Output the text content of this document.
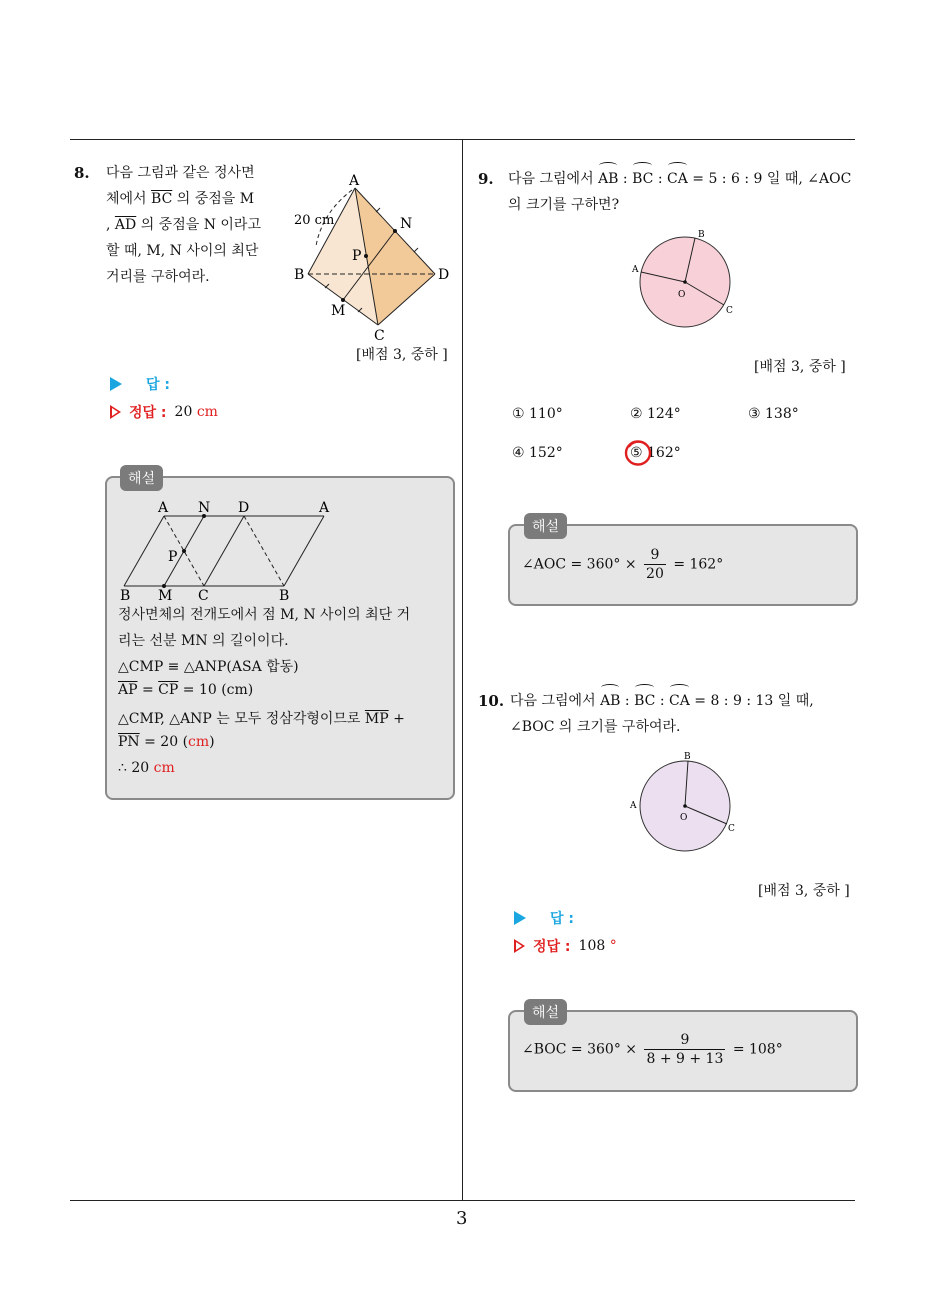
8. 다음 그림과 같은 정사면
체에서 $\overline{BC}$ 의 중점을 M
, $\overline{AD}$ 의 중점을 N 이라고
할 때, M, N 사이의 최단
거리를 구하여라.
A
B	D
C
N
M
P
20 cm
[배점 3, 중하 ]
답 :
정답 : 20 cm
해설
A N D	A
P
B M C	B
정사면체의 전개도에서 점 M, N 사이의 최단 거
리는 선분 MN 의 길이이다.
△CMP ≡ △ANP(ASA 합동)
$\overline{AP} = \overline{CP} = 10$ (cm)
△CMP, △ANP 는 모두 정삼각형이므로 $\overline{MP}$ +
$\overline{PN} = 20$ (cm)
∴ 20 cm
9. 다음 그림에서 AB : BC : CA = 5 : 6 : 9 일 때, ∠AOC
의 크기를 구하면?
A
B
C
O
[배점 3, 중하 ]
① 110°	② 124°	③ 138°
④ 152°	⑤ 162°
해설
∠AOC = $360^\circ \times \frac{9}{20} = 162^\circ$
10. 다음 그림에서 AB : BC : CA = 8 : 9 : 13 일 때,
∠BOC 의 크기를 구하여라.
A
B
C
O
[배점 3, 중하 ]
답 :
정답 : 108 °
해설
∠BOC = $360^\circ \times \frac{9}{8 + 9 + 13} = 108^\circ$
3
